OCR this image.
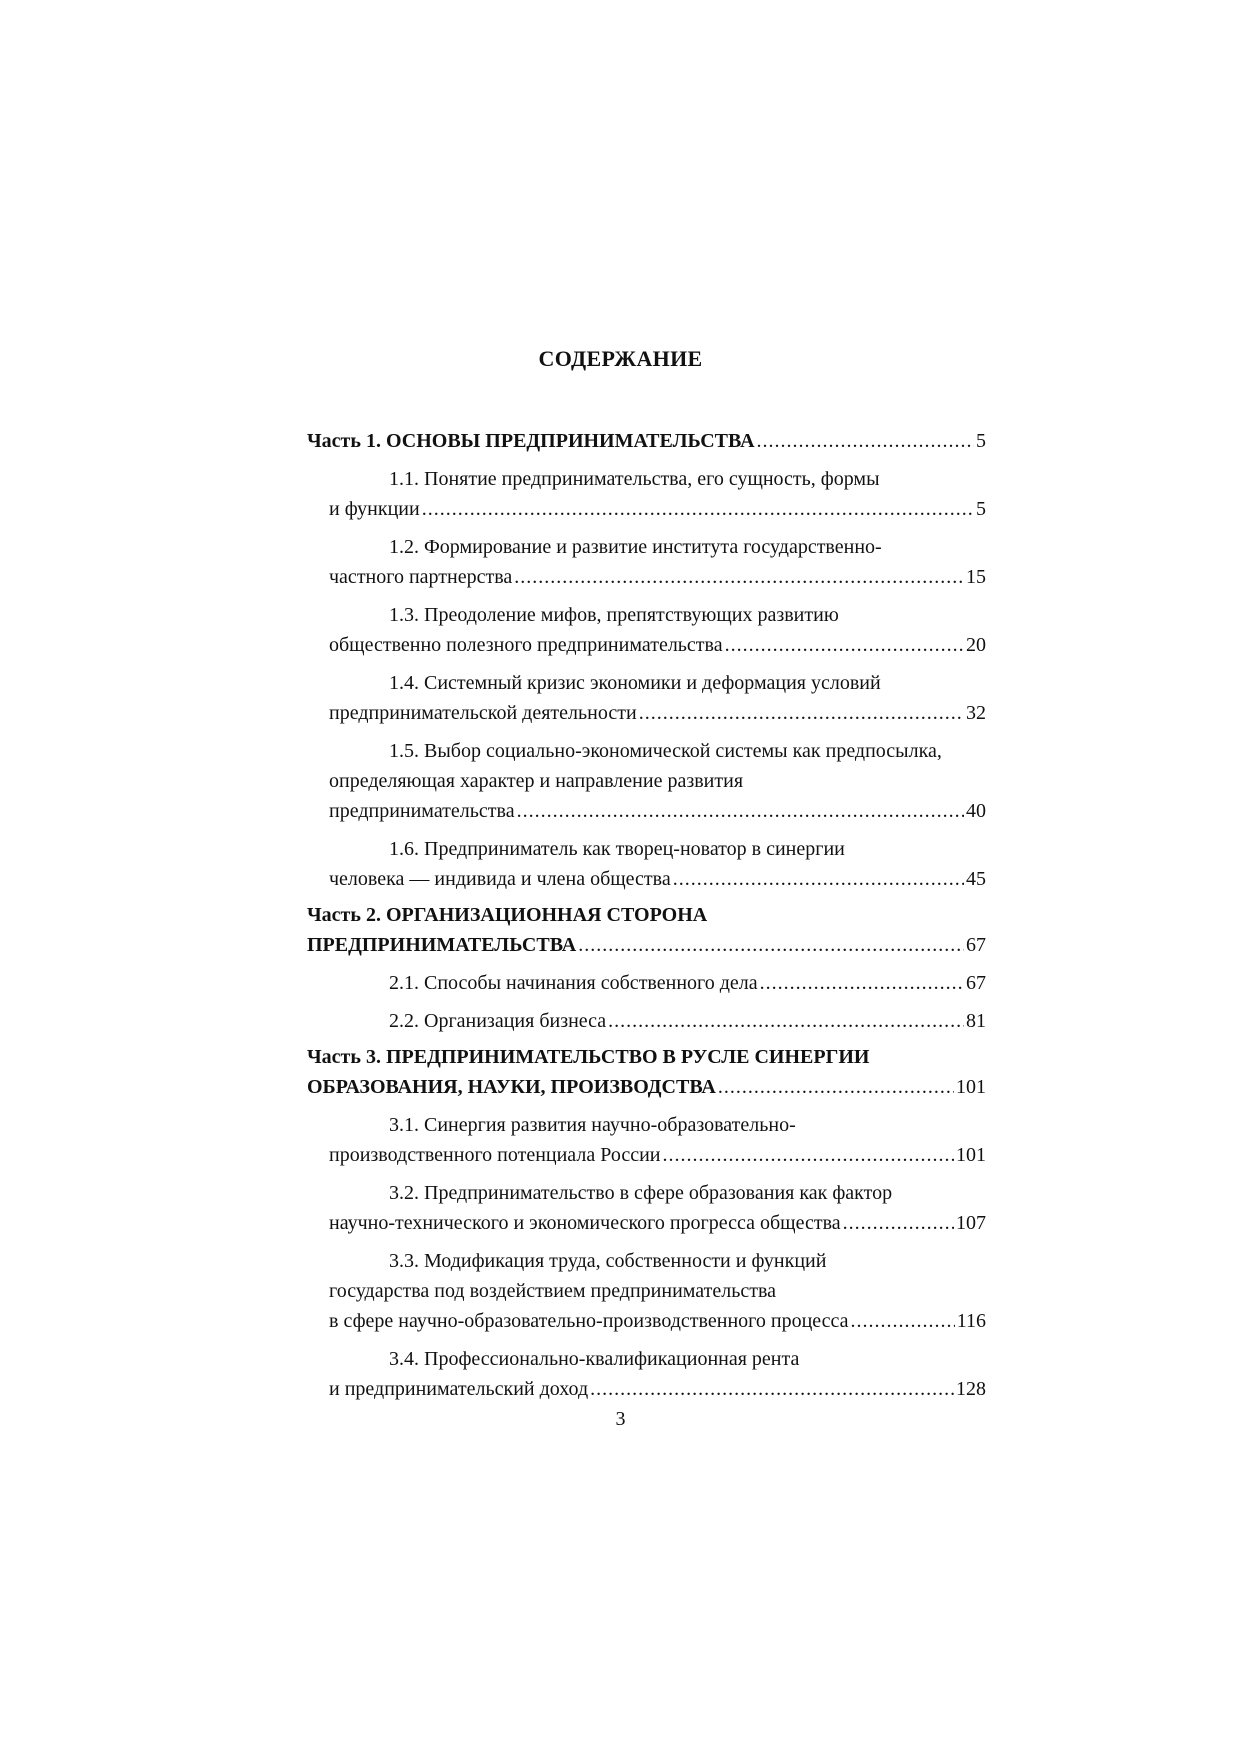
СОДЕРЖАНИЕ
Часть 1. ОСНОВЫ ПРЕДПРИНИМАТЕЛЬСТВА .....	5
1.1. Понятие предпринимательства, его сущность, формы
и функции .....	5
1.2. Формирование и развитие института государственно-
частного партнерства .....	15
1.3. Преодоление мифов, препятствующих развитию
общественно полезного предпринимательства .....	20
1.4. Системный кризис экономики и деформация условий
предпринимательской деятельности .....	32
1.5. Выбор социально-экономической системы как предпосылка,
определяющая характер и направление развития
предпринимательства .....	40
1.6. Предприниматель как творец-новатор в синергии
человека — индивида и члена общества .....	45
Часть 2. ОРГАНИЗАЦИОННАЯ СТОРОНА
ПРЕДПРИНИМАТЕЛЬСТВА .....	67
2.1. Способы начинания собственного дела .....	67
2.2. Организация бизнеса .....	81
Часть 3. ПРЕДПРИНИМАТЕЛЬСТВО В РУСЛЕ СИНЕРГИИ
ОБРАЗОВАНИЯ, НАУКИ, ПРОИЗВОДСТВА .....	101
3.1. Синергия развития научно-образовательно-
производственного потенциала России .....	101
3.2. Предпринимательство в сфере образования как фактор
научно-технического и экономического прогресса общества .....	107
3.3. Модификация труда, собственности и функций
государства под воздействием предпринимательства
в сфере научно-образовательно-производственного процесса .....	116
3.4. Профессионально-квалификационная рента
и предпринимательский доход .....	128
3
